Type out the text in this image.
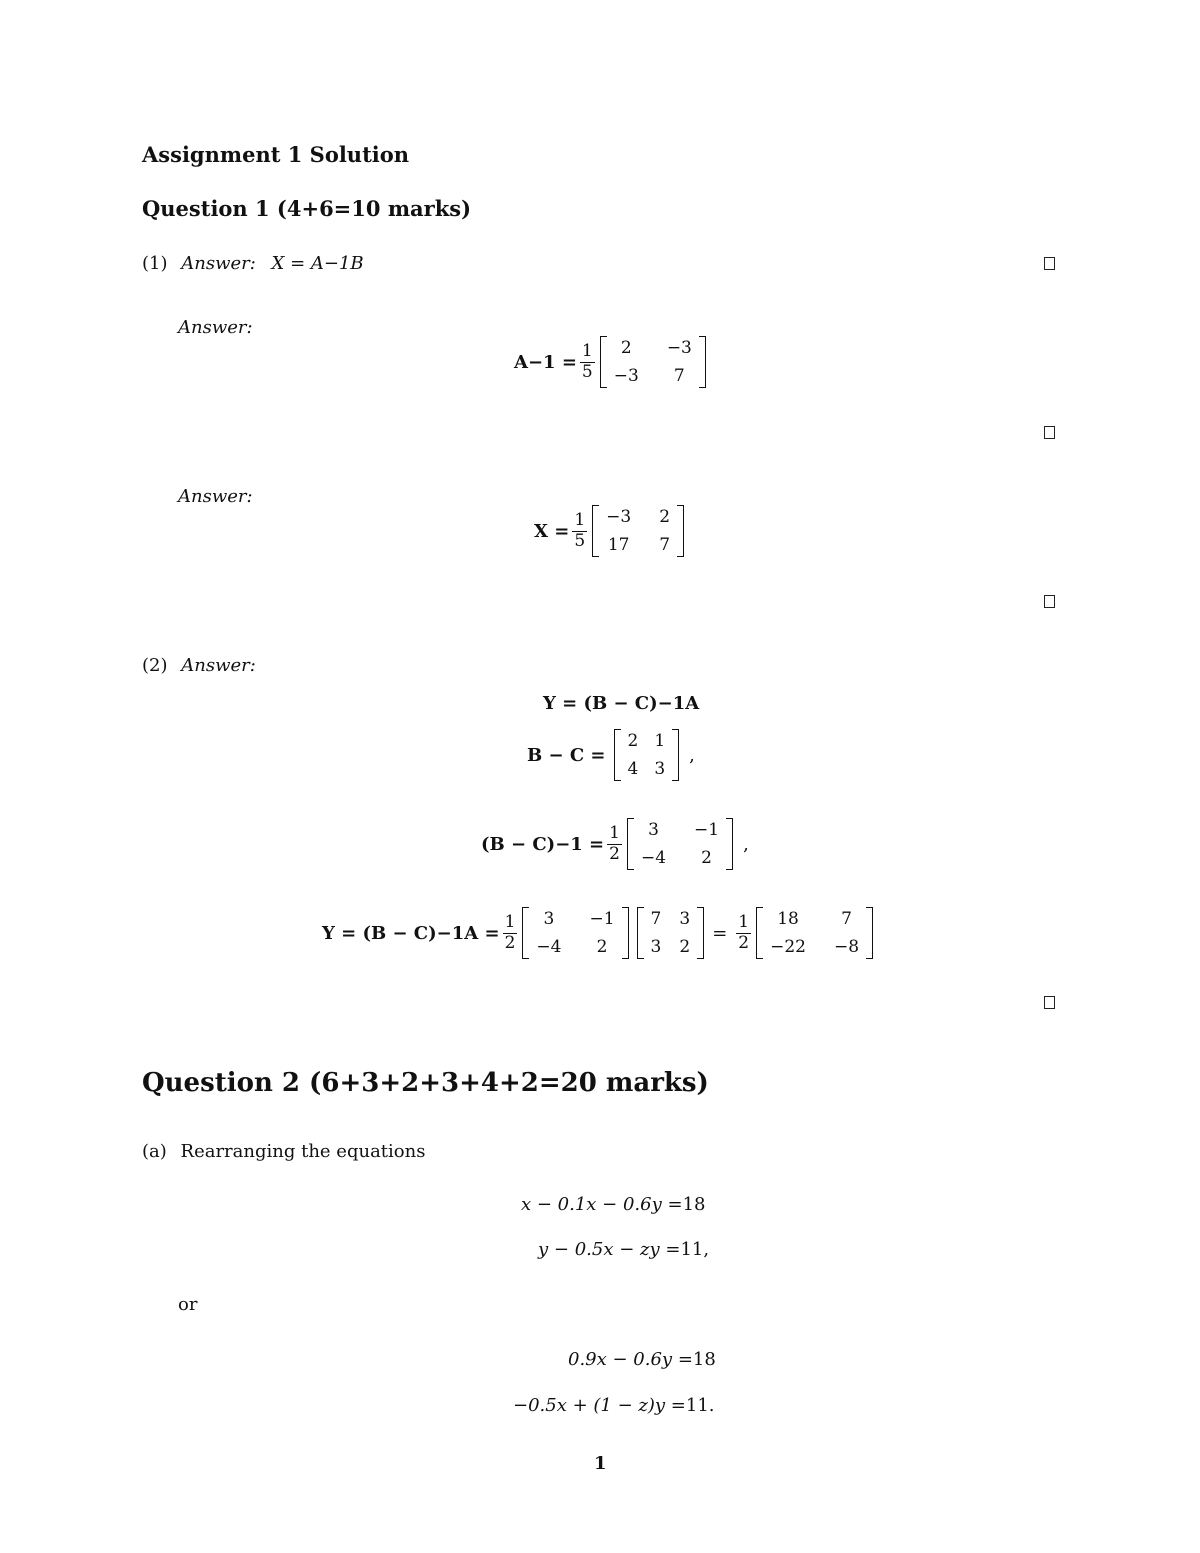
Assignment 1 Solution
Question 1 (4+6=10 marks)
(1) Answer: X = A−1B
Answer:
$A-1 = \frac{1}{5}$	2	−3
−3	7
Answer:
$X = \frac{1}{5} -3$ 2
17 7
(2) Answer:
Y = (B − C)−1A
B − C =
2 1
4 3
,
$(B - C)-1 = \frac{1}{2}$	3	−1
−4	2
,
$Y = (B - C)-1A = \frac{1}{2}$	3	−1
−4	2
7 3
3 2
= $\frac{1}{2}$	18	7
−22 −8
Question 2 (6+3+2+3+4+2=20 marks)
(a) Rearranging the equations
x − 0.1x − 0.6y =18
y − 0.5x − zy =11,
or
0.9x − 0.6y =18
−0.5x + (1 − z)y =11.
1
